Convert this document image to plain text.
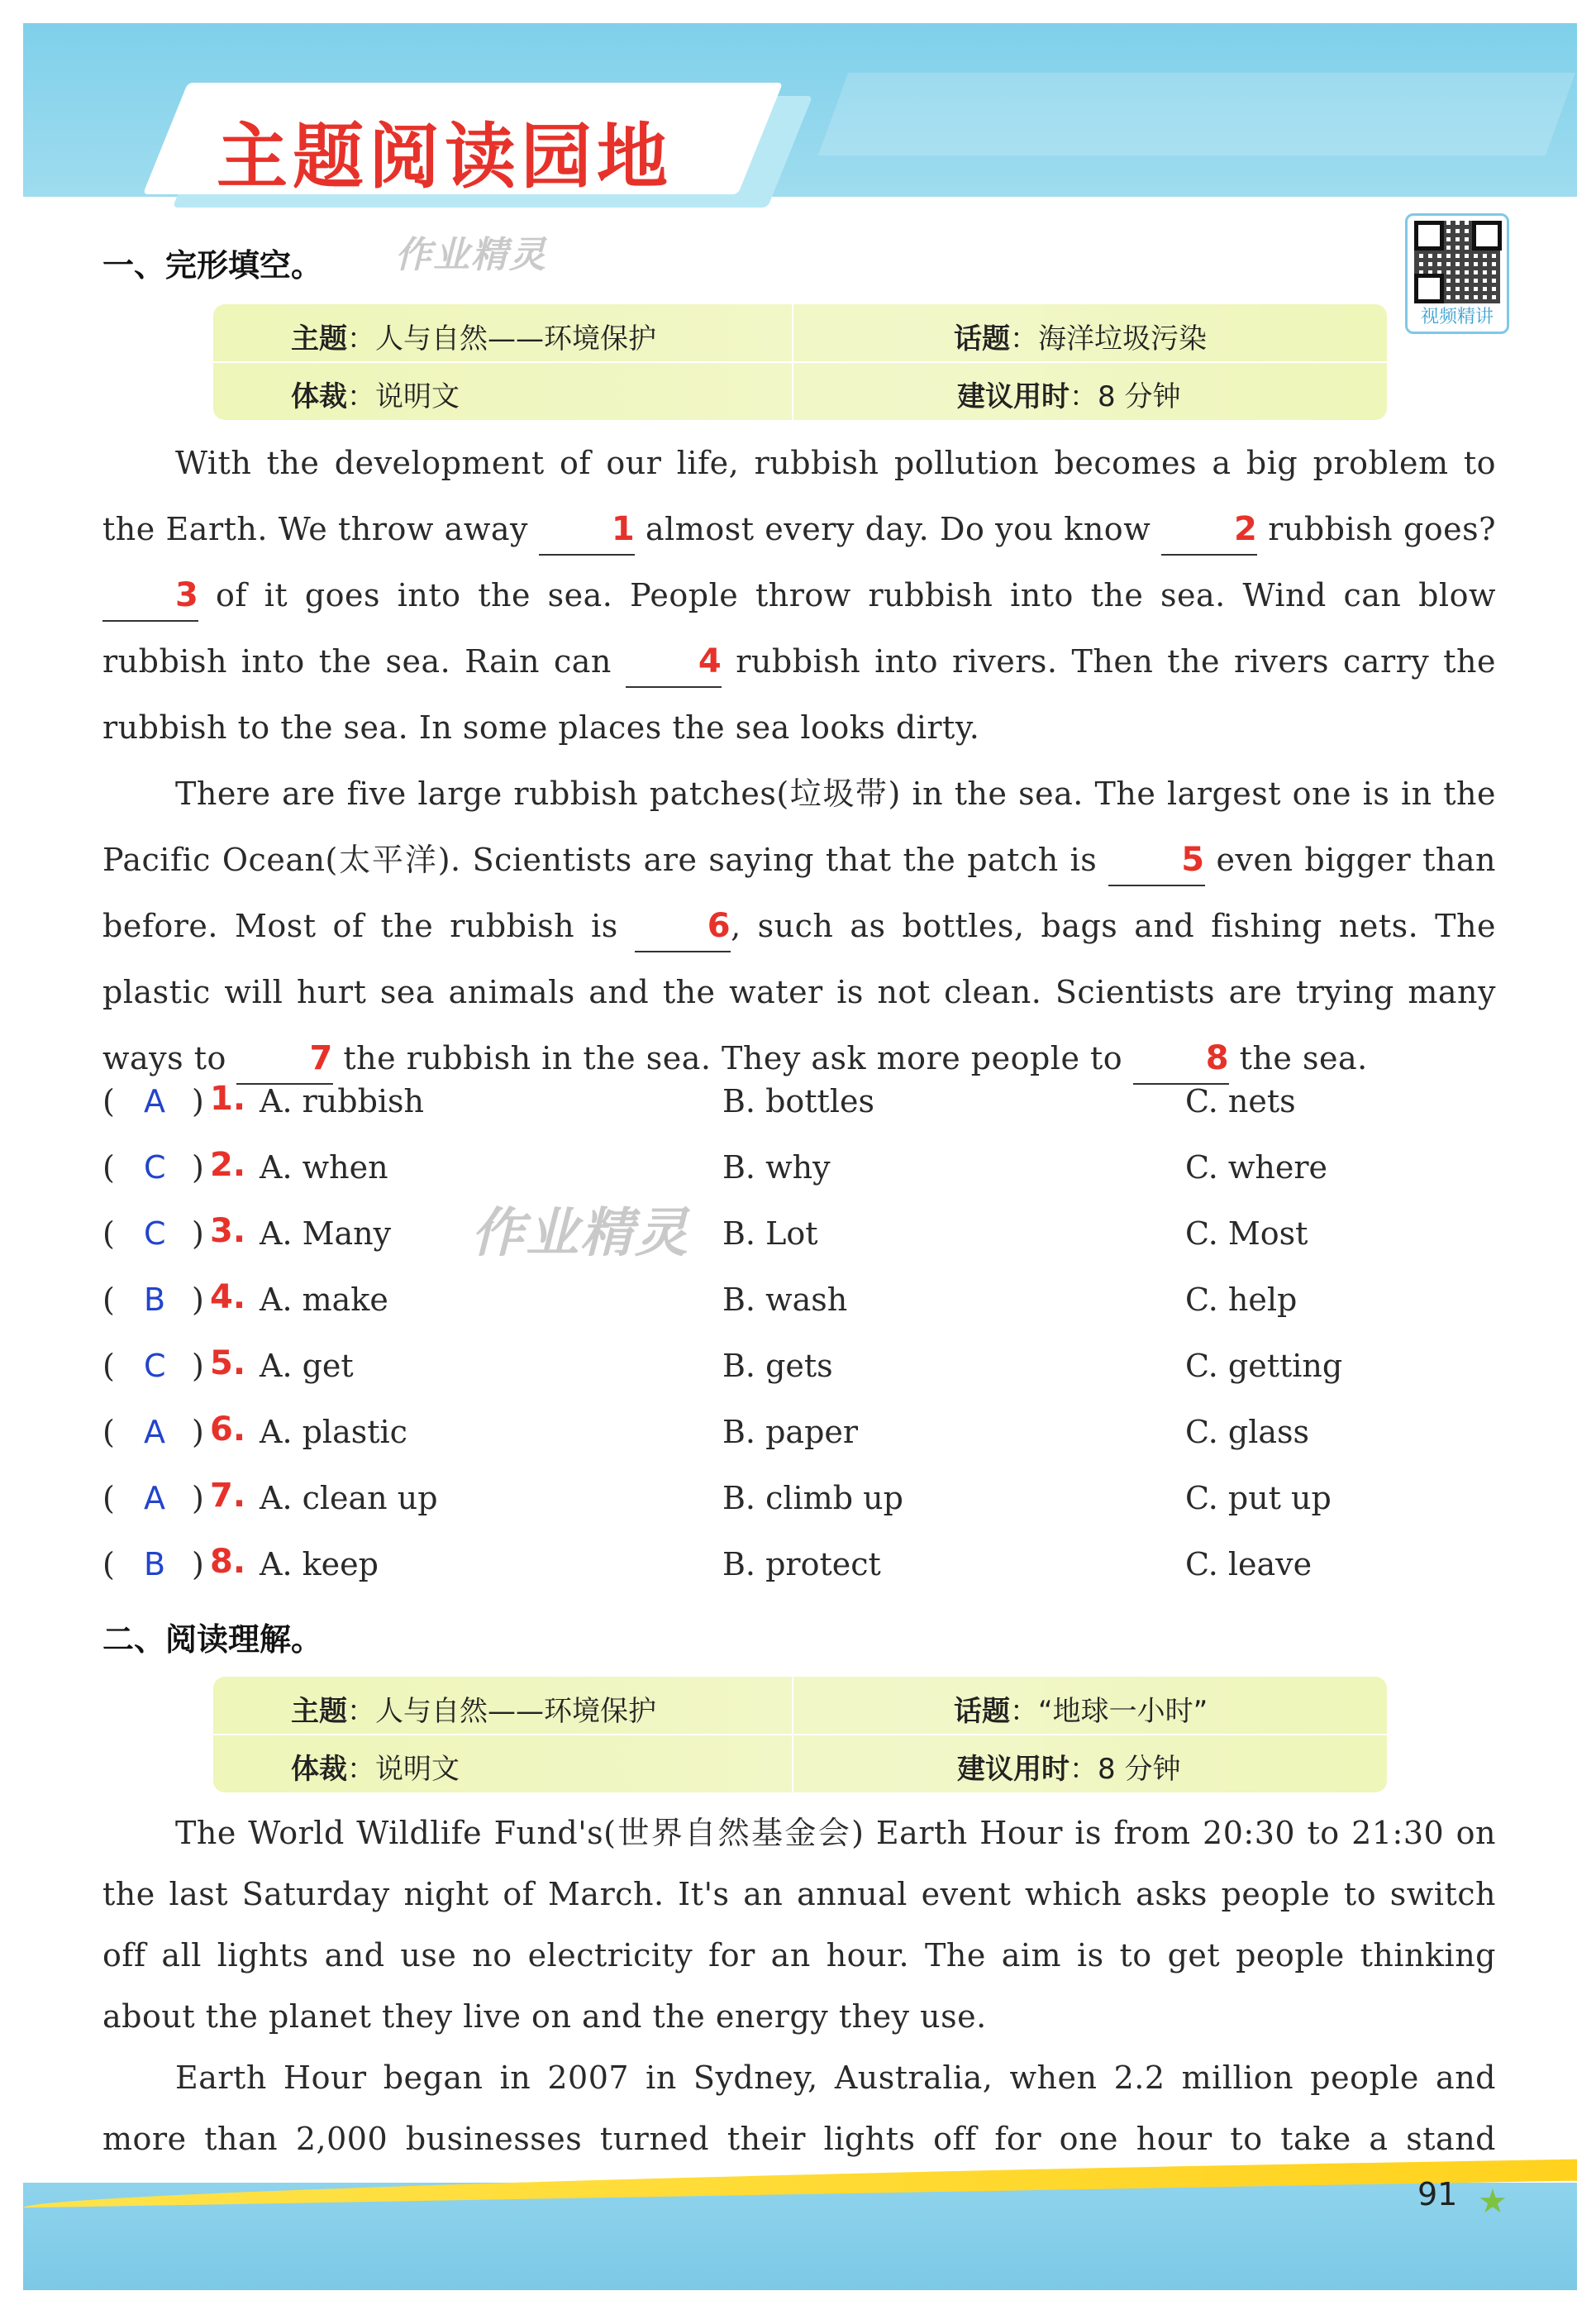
主题阅读园地
视频精讲
一、完形填空。 作业精灵
主题：人与自然——环境保护	话题：海洋垃圾污染
体裁：说明文	建议用时：8 分钟
With the development of our life, rubbish pollution becomes a big problem to the Earth. We throw away 1 almost every day. Do you know 2 rubbish goes? 3 of it goes into the sea. People throw rubbish into the sea. Wind can blow rubbish into the sea. Rain can 4 rubbish into rivers. Then the rivers carry the rubbish to the sea. In some places the sea looks dirty.
There are five large rubbish patches(垃圾带) in the sea. The largest one is in the Pacific Ocean(太平洋). Scientists are saying that the patch is 5 even bigger than before. Most of the rubbish is 6, such as bottles, bags and fishing nets. The plastic will hurt sea animals and the water is not clean. Scientists are trying many ways to 7 the rubbish in the sea. They ask more people to 8 the sea.
( A ) 1. A. rubbish	B. bottles	C. nets
( C ) 2. A. when	B. why	C. where
作业精灵
( C ) 3. A. Many	B. Lot	C. Most
( B ) 4. A. make	B. wash	C. help
( C ) 5. A. get	B. gets	C. getting
( A ) 6. A. plastic	B. paper	C. glass
( A ) 7. A. clean up	B. climb up	C. put up
( B ) 8. A. keep	B. protect	C. leave
二、阅读理解。
主题：人与自然——环境保护	话题：“地球一小时”
体裁：说明文	建议用时：8 分钟
The World Wildlife Fund's(世界自然基金会) Earth Hour is from 20:30 to 21:30 on the last Saturday night of March. It's an annual event which asks people to switch off all lights and use no electricity for an hour. The aim is to get people thinking about the planet they live on and the energy they use.
Earth Hour began in 2007 in Sydney, Australia, when 2.2 million people and more than 2,000 businesses turned their lights off for one hour to take a stand
91 ★
